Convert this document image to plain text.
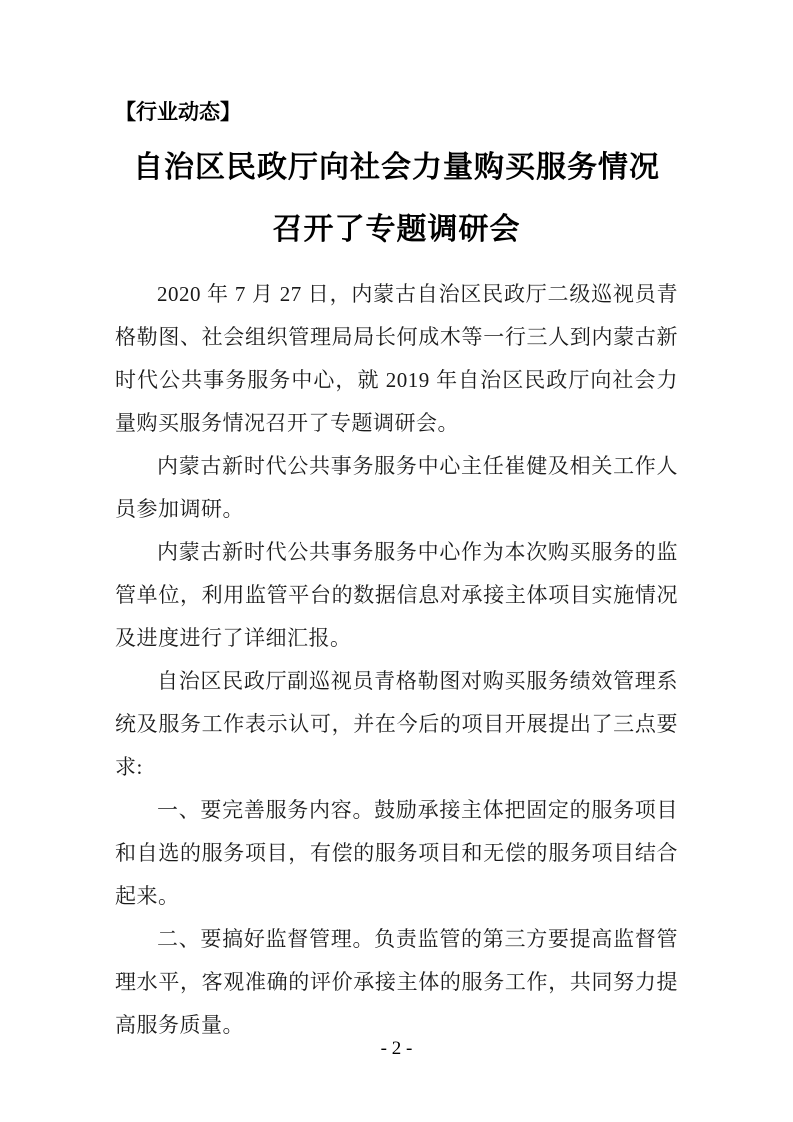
【行业动态】
自治区民政厅向社会力量购买服务情况
召开了专题调研会

2020 年 7 月 27 日，内蒙古自治区民政厅二级巡视员青格勒图、社会组织管理局局长何成木等一行三人到内蒙古新时代公共事务服务中心，就 2019 年自治区民政厅向社会力量购买服务情况召开了专题调研会。

内蒙古新时代公共事务服务中心主任崔健及相关工作人员参加调研。

内蒙古新时代公共事务服务中心作为本次购买服务的监管单位，利用监管平台的数据信息对承接主体项目实施情况及进度进行了详细汇报。

自治区民政厅副巡视员青格勒图对购买服务绩效管理系统及服务工作表示认可，并在今后的项目开展提出了三点要求:

一、要完善服务内容。鼓励承接主体把固定的服务项目和自选的服务项目，有偿的服务项目和无偿的服务项目结合起来。

二、要搞好监督管理。负责监管的第三方要提高监督管理水平，客观准确的评价承接主体的服务工作，共同努力提高服务质量。

- 2 -
